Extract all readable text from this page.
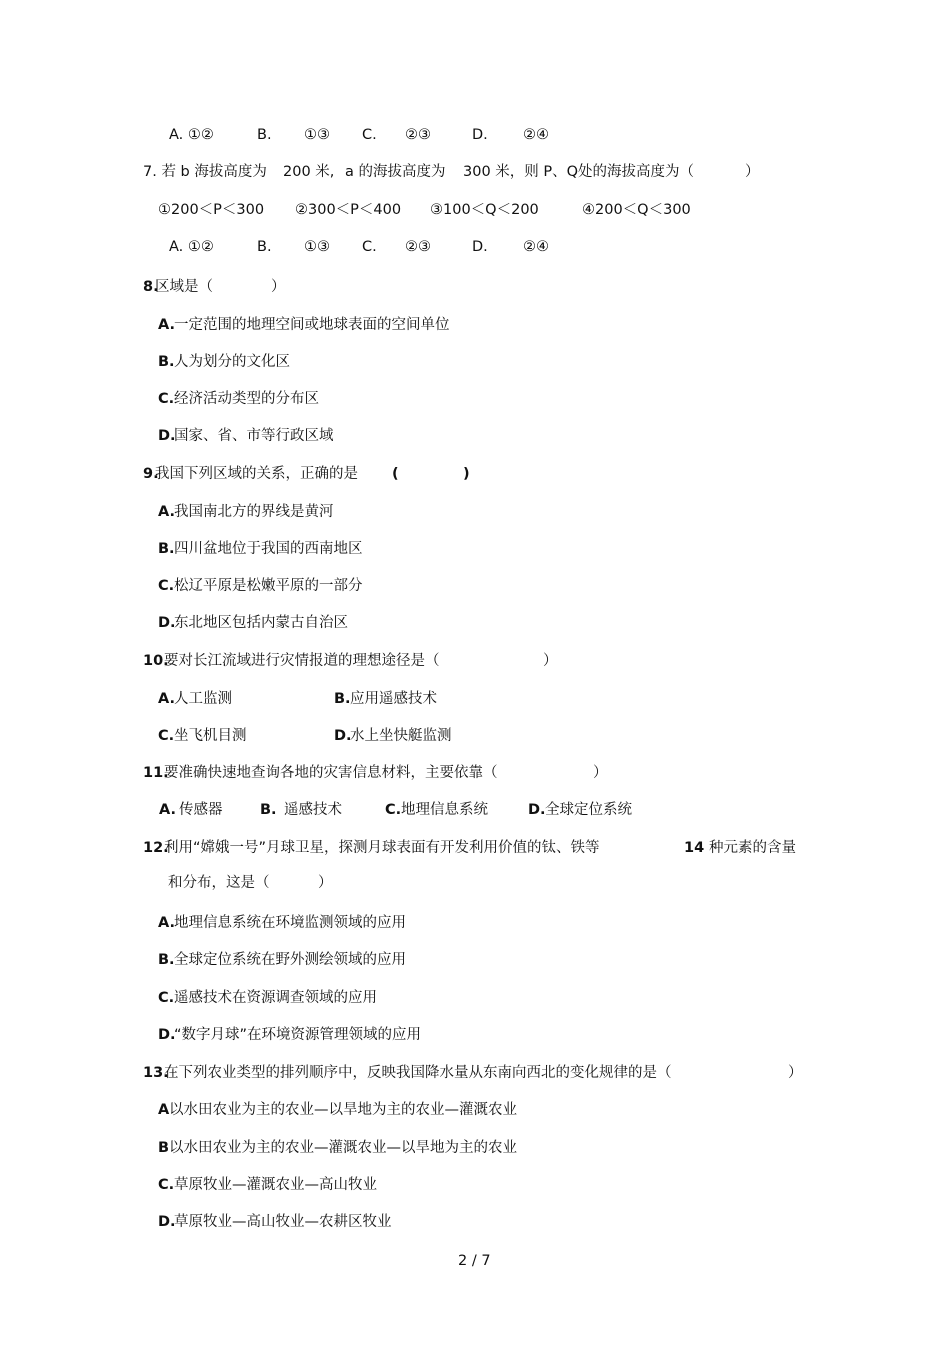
A. ①②	B. ①③ C. ②③	D. ②④
7. 若 b 海拔高度为 200 米, a 的海拔高度为 300 米，则 P、Q处的海拔高度为（	）
①200＜P＜300 ②300＜P＜400 ③100＜Q＜200	④200＜Q＜300
A. ①②	B. ①③ C. ②③	D. ②④
8.
区域是（	）
A. 一定范围的地理空间或地球表面的空间单位
B. 人为划分的文化区
C. 经济活动类型的分布区
D.
国家、省、市等行政区域
9.
我国下列区域的关系，正确的是 (	)
A. 我国南北方的界线是黄河
B. 四川盆地位于我国的西南地区
C. 松辽平原是松嫩平原的一部分
D.
东北地区包括内蒙古自治区
10.
要对长江流域进行灾情报道的理想途径是（	）
A. 人工监测	B. 应用遥感技术
C. 坐飞机目测	D.
水上坐快艇监测
11.
要准确快速地查询各地的灾害信息材料，主要依靠（	）
A. 传感器	B. 遥感技术	C. 地理信息系统	D. 全球定位系统
12.
利用“嫦娥一号”月球卫星，探测月球表面有开发利用价值的钛、铁等	14 种元素的含量
和分布，这是（	）
A. 地理信息系统在环境监测领域的应用
B. 全球定位系统在野外测绘领域的应用
C. 遥感技术在资源调查领域的应用
D.
“数字月球”在环境资源管理领域的应用
13.
在下列农业类型的排列顺序中，反映我国降水量从东南向西北的变化规律的是（	）
A 以水田农业为主的农业—以旱地为主的农业—灌溉农业
B 以水田农业为主的农业—灌溉农业—以旱地为主的农业
C. 草原牧业—灌溉农业—高山牧业
D.
草原牧业—高山牧业—农耕区牧业
2 / 7
